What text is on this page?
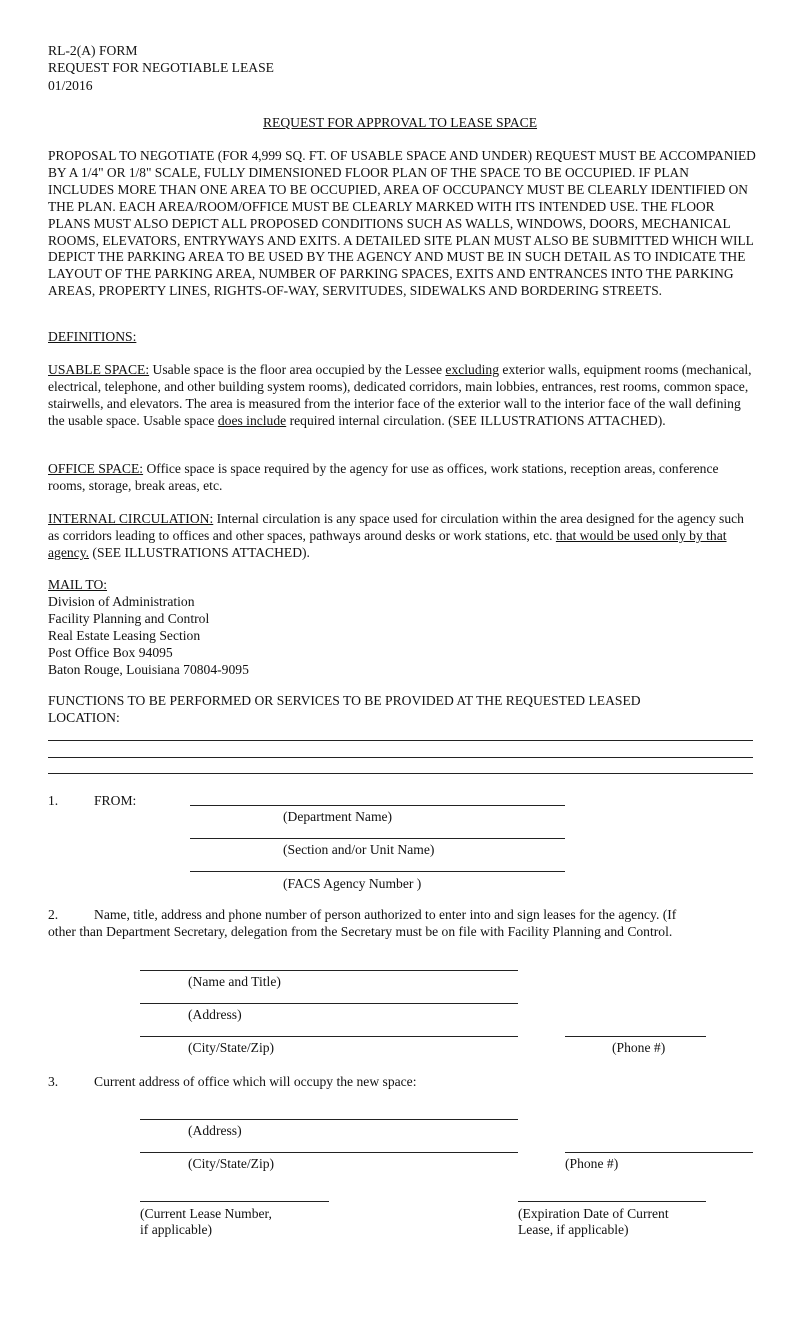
RL-2(A) FORM
REQUEST FOR NEGOTIABLE LEASE
01/2016
REQUEST FOR APPROVAL TO LEASE SPACE
PROPOSAL TO NEGOTIATE (FOR 4,999 SQ. FT. OF USABLE SPACE AND UNDER) REQUEST MUST BE ACCOMPANIED BY A 1/4" OR 1/8" SCALE, FULLY DIMENSIONED FLOOR PLAN OF THE SPACE TO BE OCCUPIED. IF PLAN INCLUDES MORE THAN ONE AREA TO BE OCCUPIED, AREA OF OCCUPANCY MUST BE CLEARLY IDENTIFIED ON THE PLAN. EACH AREA/ROOM/OFFICE MUST BE CLEARLY MARKED WITH ITS INTENDED USE. THE FLOOR PLANS MUST ALSO DEPICT ALL PROPOSED CONDITIONS SUCH AS WALLS, WINDOWS, DOORS, MECHANICAL ROOMS, ELEVATORS, ENTRYWAYS AND EXITS. A DETAILED SITE PLAN MUST ALSO BE SUBMITTED WHICH WILL DEPICT THE PARKING AREA TO BE USED BY THE AGENCY AND MUST BE IN SUCH DETAIL AS TO INDICATE THE LAYOUT OF THE PARKING AREA, NUMBER OF PARKING SPACES, EXITS AND ENTRANCES INTO THE PARKING AREAS, PROPERTY LINES, RIGHTS-OF-WAY, SERVITUDES, SIDEWALKS AND BORDERING STREETS.
DEFINITIONS:
USABLE SPACE: Usable space is the floor area occupied by the Lessee excluding exterior walls, equipment rooms (mechanical, electrical, telephone, and other building system rooms), dedicated corridors, main lobbies, entrances, rest rooms, common space, stairwells, and elevators. The area is measured from the interior face of the exterior wall to the interior face of the wall defining the usable space. Usable space does include required internal circulation. (SEE ILLUSTRATIONS ATTACHED).
OFFICE SPACE: Office space is space required by the agency for use as offices, work stations, reception areas, conference rooms, storage, break areas, etc.
INTERNAL CIRCULATION: Internal circulation is any space used for circulation within the area designed for the agency such as corridors leading to offices and other spaces, pathways around desks or work stations, etc. that would be used only by that agency. (SEE ILLUSTRATIONS ATTACHED).
MAIL TO:
Division of Administration
Facility Planning and Control
Real Estate Leasing Section
Post Office Box 94095
Baton Rouge, Louisiana 70804-9095
FUNCTIONS TO BE PERFORMED OR SERVICES TO BE PROVIDED AT THE REQUESTED LEASED
LOCATION:
1.	FROM:
(Department Name)
(Section and/or Unit Name)
(FACS Agency Number )
2.	Name, title, address and phone number of person authorized to enter into and sign leases for the agency. (If
other than Department Secretary, delegation from the Secretary must be on file with Facility Planning and Control.
(Name and Title)
(Address)
(City/State/Zip)	(Phone #)
3.	Current address of office which will occupy the new space:
(Address)
(City/State/Zip)	(Phone #)
(Current Lease Number,
if applicable)
(Expiration Date of Current
Lease, if applicable)
